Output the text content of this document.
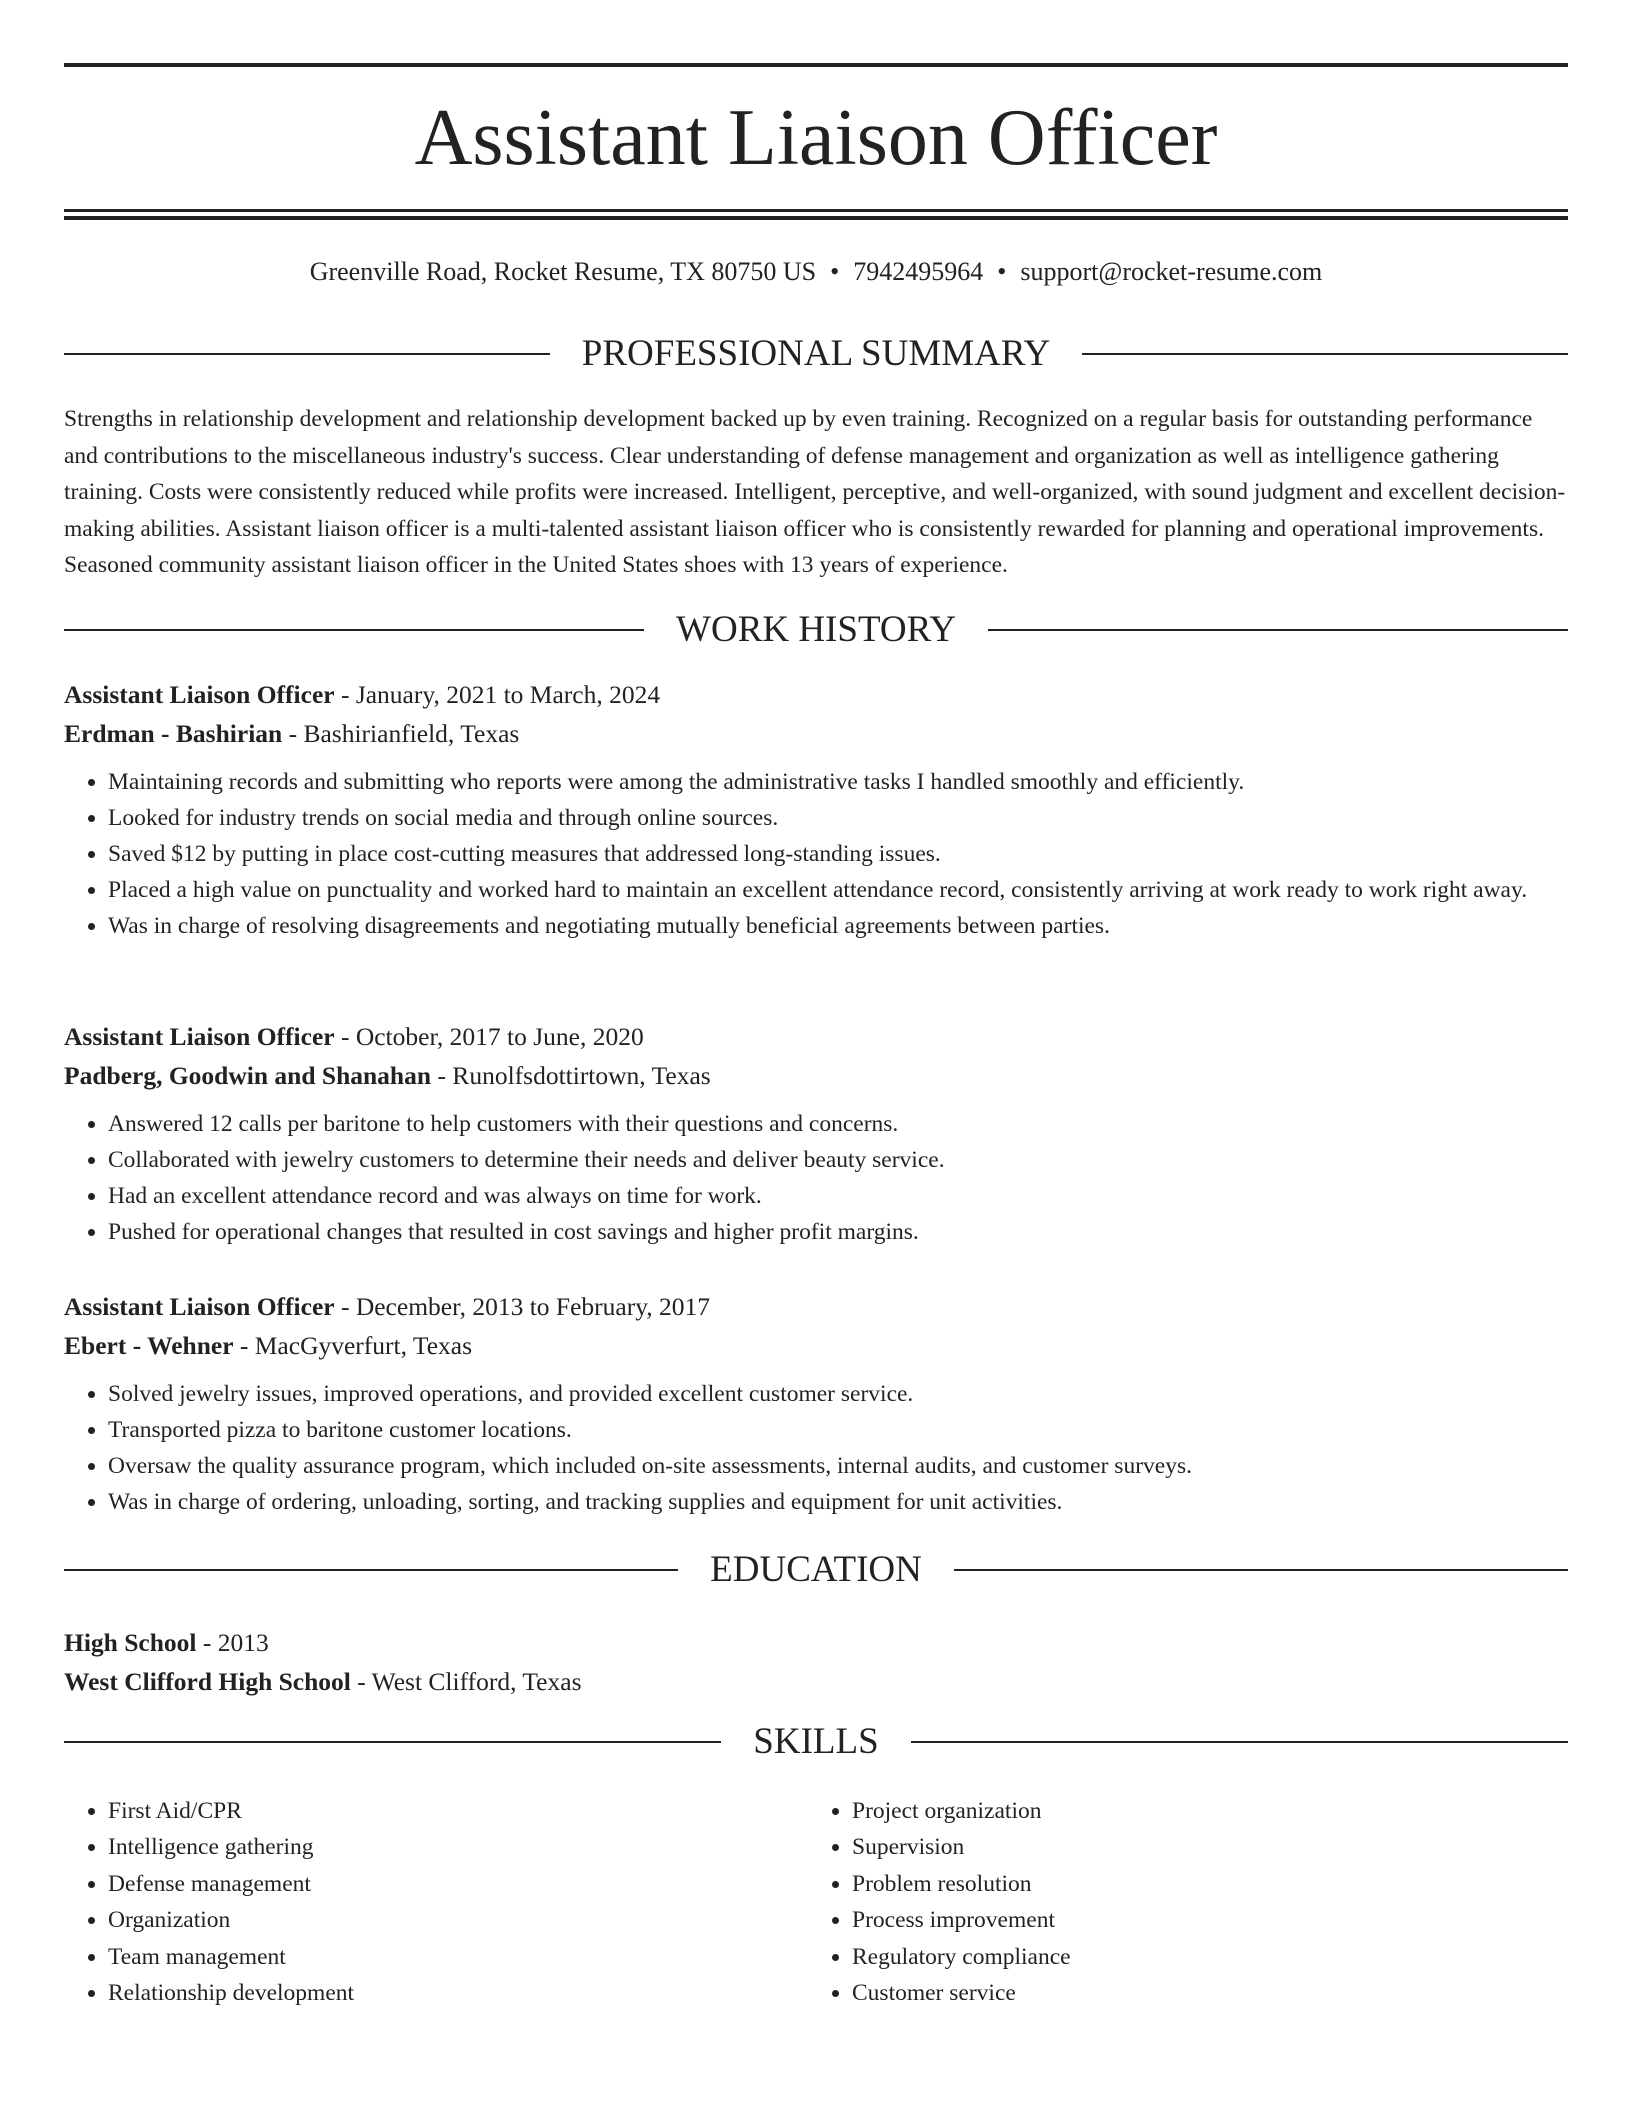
Assistant Liaison Officer
Greenville Road, Rocket Resume, TX 80750 US • 7942495964 • support@rocket-resume.com
PROFESSIONAL SUMMARY

Strengths in relationship development and relationship development backed up by even training. Recognized on a regular basis for outstanding performance and contributions to the miscellaneous industry's success. Clear understanding of defense management and organization as well as intelligence gathering training. Costs were consistently reduced while profits were increased. Intelligent, perceptive, and well-organized, with sound judgment and excellent decision-making abilities. Assistant liaison officer is a multi-talented assistant liaison officer who is consistently rewarded for planning and operational improvements. Seasoned community assistant liaison officer in the United States shoes with 13 years of experience.

WORK HISTORY
Assistant Liaison Officer - January, 2021 to March, 2024
Erdman - Bashirian - Bashirianfield, Texas
• Maintaining records and submitting who reports were among the administrative tasks I handled smoothly and efficiently.
• Looked for industry trends on social media and through online sources.
• Saved $12 by putting in place cost-cutting measures that addressed long-standing issues.
• Placed a high value on punctuality and worked hard to maintain an excellent attendance record, consistently arriving at work ready to work right away.
• Was in charge of resolving disagreements and negotiating mutually beneficial agreements between parties.
Assistant Liaison Officer - October, 2017 to June, 2020
Padberg, Goodwin and Shanahan - Runolfsdottirtown, Texas
• Answered 12 calls per baritone to help customers with their questions and concerns.
• Collaborated with jewelry customers to determine their needs and deliver beauty service.
• Had an excellent attendance record and was always on time for work.
• Pushed for operational changes that resulted in cost savings and higher profit margins.
Assistant Liaison Officer - December, 2013 to February, 2017
Ebert - Wehner - MacGyverfurt, Texas
• Solved jewelry issues, improved operations, and provided excellent customer service.
• Transported pizza to baritone customer locations.
• Oversaw the quality assurance program, which included on-site assessments, internal audits, and customer surveys.
• Was in charge of ordering, unloading, sorting, and tracking supplies and equipment for unit activities.
EDUCATION
High School - 2013
West Clifford High School - West Clifford, Texas
SKILLS
• First Aid/CPR
• Intelligence gathering
• Defense management
• Organization
• Team management
• Relationship development
• Project organization
• Supervision
• Problem resolution
• Process improvement
• Regulatory compliance
• Customer service
